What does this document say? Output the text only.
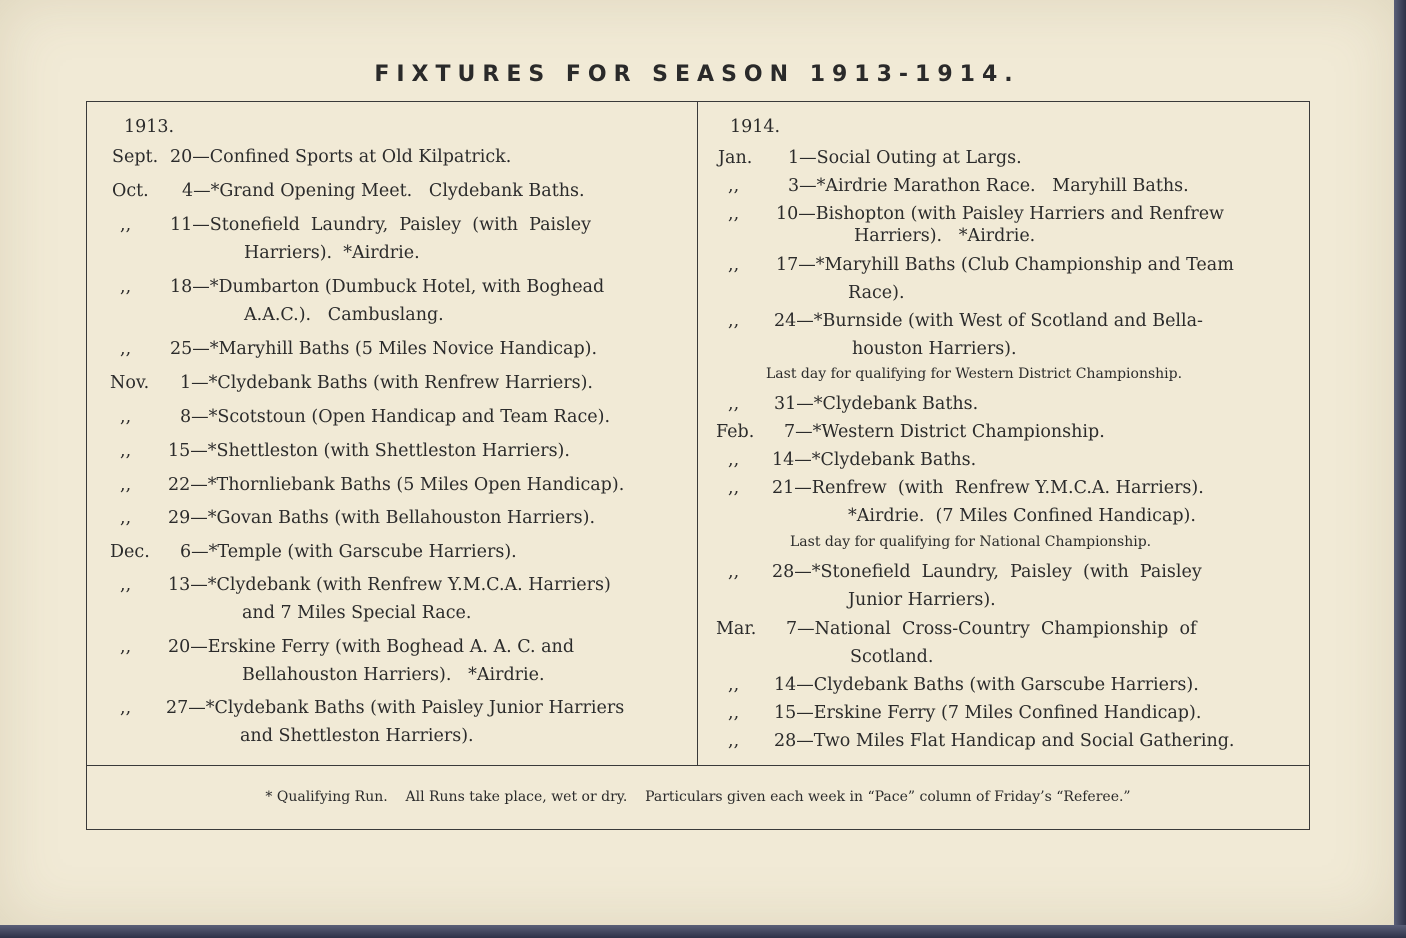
FIXTURES FOR SEASON 1913-1914.
1913.
Sept. 20—Confined Sports at Old Kilpatrick.
Oct. 4—*Grand Opening Meet.   Clydebank Baths.
,, 11—Stonefield  Laundry,  Paisley  (with  Paisley
Harriers).  *Airdrie.
,, 18—*Dumbarton (Dumbuck Hotel, with Boghead
A.A.C.).   Cambuslang.
,, 25—*Maryhill Baths (5 Miles Novice Handicap).
Nov. 1—*Clydebank Baths (with Renfrew Harriers).
,,	8—*Scotstoun (Open Handicap and Team Race).
,, 15—*Shettleston (with Shettleston Harriers).
,, 22—*Thornliebank Baths (5 Miles Open Handicap).
,, 29—*Govan Baths (with Bellahouston Harriers).
Dec. 6—*Temple (with Garscube Harriers).
,, 13—*Clydebank (with Renfrew Y.M.C.A. Harriers)
and 7 Miles Special Race.
,, 20—Erskine Ferry (with Boghead A. A. C. and
Bellahouston Harriers).   *Airdrie.
,, 27—*Clydebank Baths (with Paisley Junior Harriers
and Shettleston Harriers).
1914.
Jan. 1—Social Outing at Largs.
,,	3—*Airdrie Marathon Race.   Maryhill Baths.
,, 10—Bishopton (with Paisley Harriers and Renfrew
Harriers).   *Airdrie.
,, 17—*Maryhill Baths (Club Championship and Team
Race).
,, 24—*Burnside (with West of Scotland and Bella-
houston Harriers).
Last day for qualifying for Western District Championship.
,, 31—*Clydebank Baths.
Feb. 7—*Western District Championship.
,, 14—*Clydebank Baths.
,, 21—Renfrew  (with  Renfrew Y.M.C.A. Harriers).
*Airdrie.  (7 Miles Confined Handicap).
Last day for qualifying for National Championship.
,, 28—*Stonefield  Laundry,  Paisley  (with  Paisley
Junior Harriers).
Mar. 7—National  Cross-Country  Championship  of
Scotland.
,, 14—Clydebank Baths (with Garscube Harriers).
,, 15—Erskine Ferry (7 Miles Confined Handicap).
,, 28—Two Miles Flat Handicap and Social Gathering.
* Qualifying Run.    All Runs take place, wet or dry.    Particulars given each week in “Pace” column of Friday’s “Referee.”
